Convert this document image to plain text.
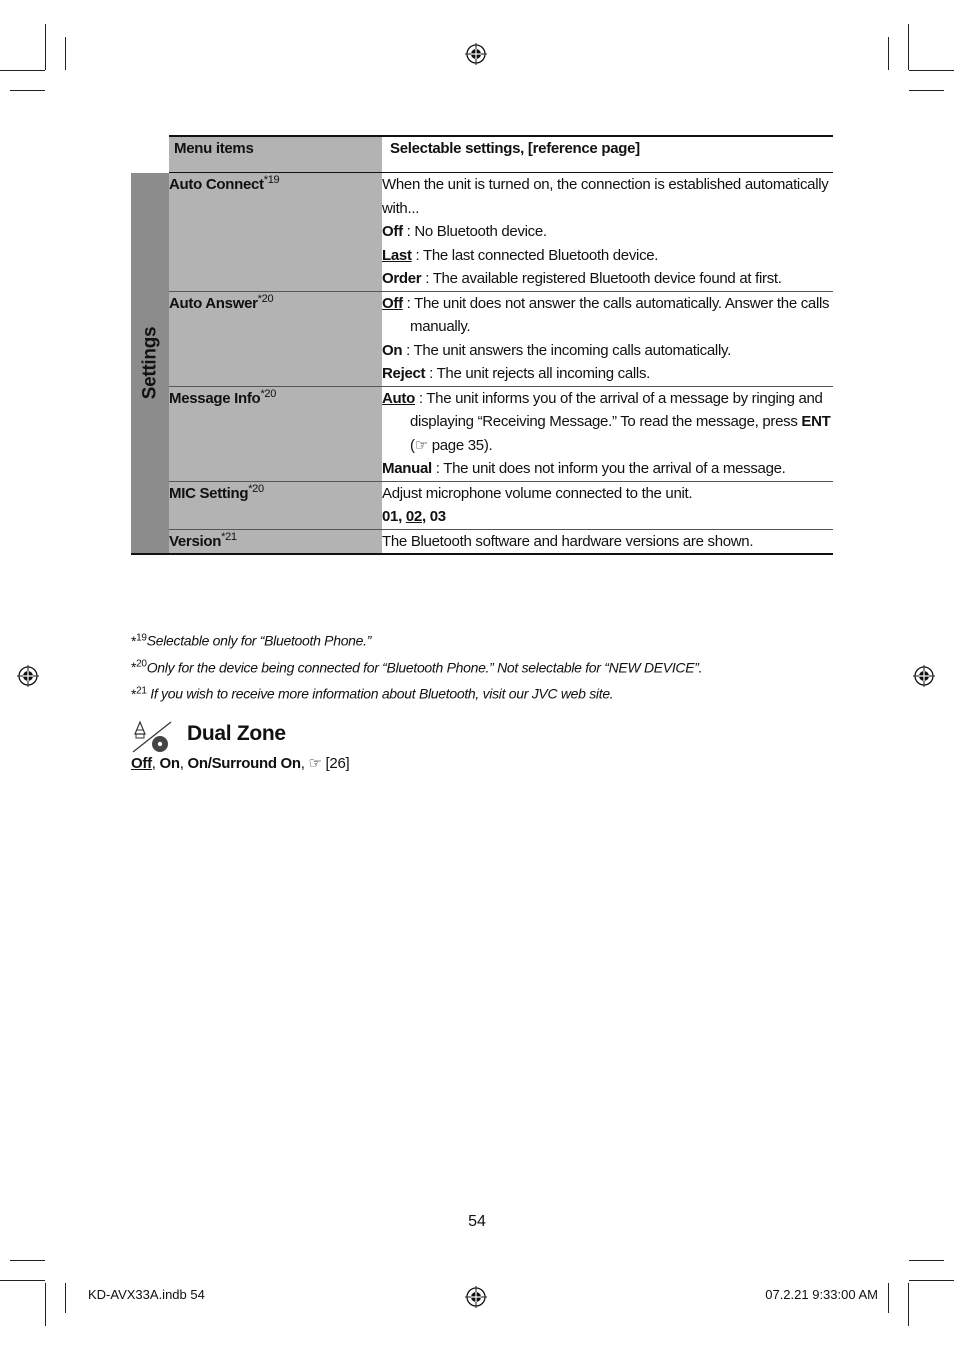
	Menu items	Selectable settings, [reference page]

Settings	Auto Connect$^{*19}$	When the unit is turned on, the connection is established automatically with...

Off : No Bluetooth device.

Last : The last connected Bluetooth device.

Order : The available registered Bluetooth device found at first.

	Auto Answer$^{*20}$	Off : The unit does not answer the calls automatically. Answer the calls manually.

On : The unit answers the incoming calls automatically.

Reject : The unit rejects all incoming calls.

	Message Info$^{*20}$	Auto : The unit informs you of the arrival of a message by ringing and displaying “Receiving Message.” To read the message, press ENT (☞ page 35).

Manual : The unit does not inform you the arrival of a message.

	MIC Setting$^{*20}$	Adjust microphone volume connected to the unit.

01, 02, 03

	Version$^{*21}$	The Bluetooth software and hardware versions are shown.

*$^{19}$Selectable only for “Bluetooth Phone.”
*$^{20}$Only for the device being connected for “Bluetooth Phone.” Not selectable for “NEW DEVICE”.
*$^{21}$ If you wish to receive more information about Bluetooth, visit our JVC web site.
Dual Zone
Off, On, On/Surround On, ☞ [26]
54
KD-AVX33A.indb 54	07.2.21 9:33:00 AM
